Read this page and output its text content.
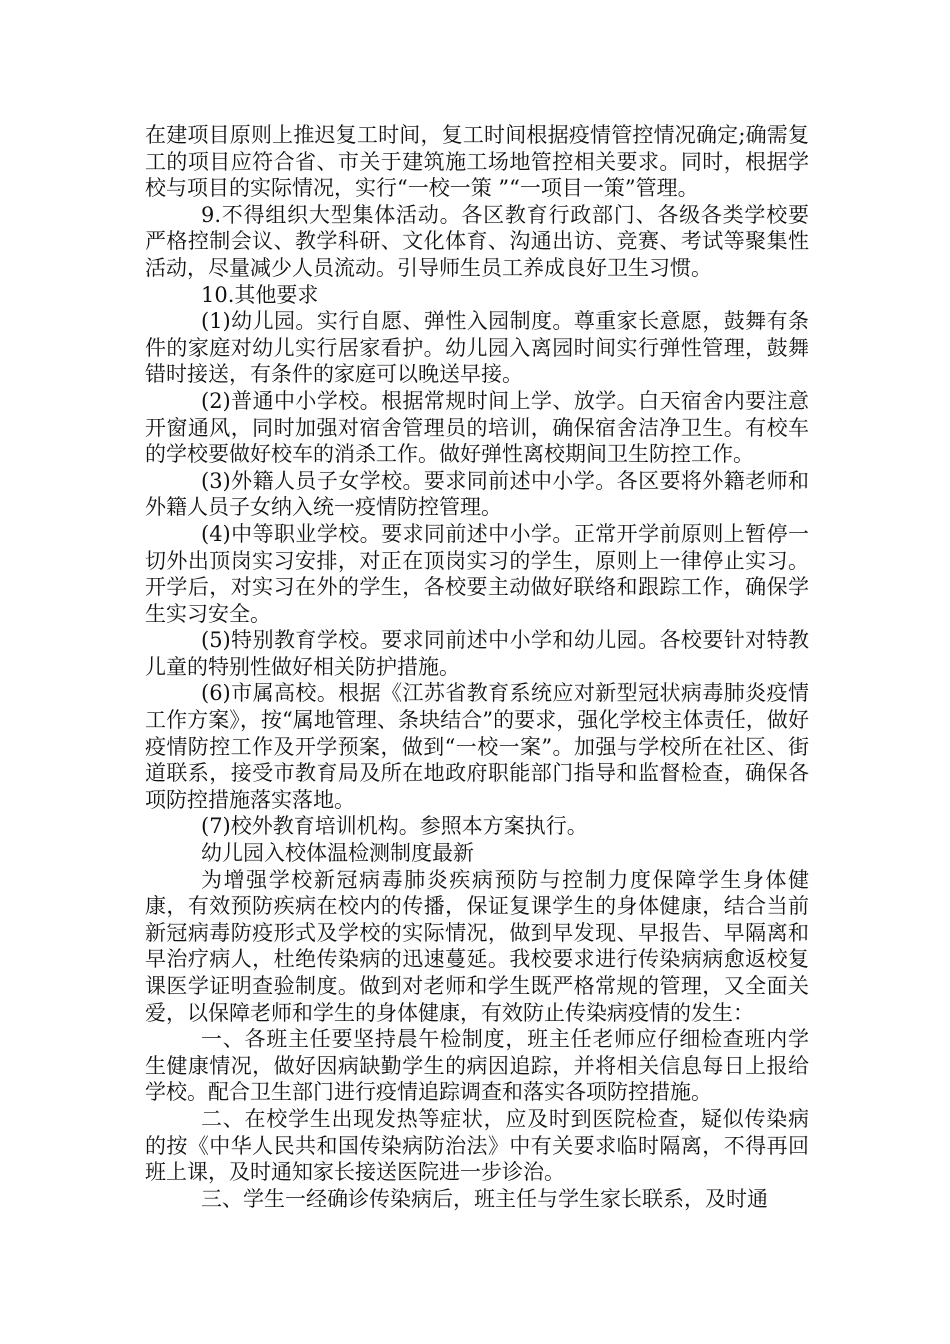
在建项目原则上推迟复工时间，复工时间根据疫情管控情况确定;确需复工的项目应符合省、市关于建筑施工场地管控相关要求。同时，根据学校与项目的实际情况，实行“一校一策 ”“一项目一策”管理。

9.不得组织大型集体活动。各区教育行政部门、各级各类学校要严格控制会议、教学科研、文化体育、沟通出访、竞赛、考试等聚集性活动，尽量减少人员流动。引导师生员工养成良好卫生习惯。

10.其他要求

(1)幼儿园。实行自愿、弹性入园制度。尊重家长意愿，鼓舞有条件的家庭对幼儿实行居家看护。幼儿园入离园时间实行弹性管理，鼓舞错时接送，有条件的家庭可以晚送早接。

(2)普通中小学校。根据常规时间上学、放学。白天宿舍内要注意开窗通风，同时加强对宿舍管理员的培训，确保宿舍洁净卫生。有校车的学校要做好校车的消杀工作。做好弹性离校期间卫生防控工作。

(3)外籍人员子女学校。要求同前述中小学。各区要将外籍老师和外籍人员子女纳入统一疫情防控管理。

(4)中等职业学校。要求同前述中小学。正常开学前原则上暂停一切外出顶岗实习安排，对正在顶岗实习的学生，原则上一律停止实习。开学后，对实习在外的学生，各校要主动做好联络和跟踪工作，确保学生实习安全。

(5)特别教育学校。要求同前述中小学和幼儿园。各校要针对特教儿童的特别性做好相关防护措施。

(6)市属高校。根据《江苏省教育系统应对新型冠状病毒肺炎疫情工作方案》，按“属地管理、条块结合”的要求，强化学校主体责任，做好疫情防控工作及开学预案，做到“一校一案”。加强与学校所在社区、街道联系，接受市教育局及所在地政府职能部门指导和监督检查，确保各项防控措施落实落地。

(7)校外教育培训机构。参照本方案执行。

幼儿园入校体温检测制度最新

为增强学校新冠病毒肺炎疾病预防与控制力度保障学生身体健康，有效预防疾病在校内的传播，保证复课学生的身体健康，结合当前新冠病毒防疫形式及学校的实际情况，做到早发现、早报告、早隔离和早治疗病人，杜绝传染病的迅速蔓延。我校要求进行传染病病愈返校复课医学证明查验制度。做到对老师和学生既严格常规的管理，又全面关爱，以保障老师和学生的身体健康，有效防止传染病疫情的发生：

一、各班主任要坚持晨午检制度，班主任老师应仔细检查班内学生健康情况，做好因病缺勤学生的病因追踪，并将相关信息每日上报给学校。配合卫生部门进行疫情追踪调查和落实各项防控措施。

二、在校学生出现发热等症状，应及时到医院检查，疑似传染病的按《中华人民共和国传染病防治法》中有关要求临时隔离，不得再回班上课，及时通知家长接送医院进一步诊治。

三、学生一经确诊传染病后，班主任与学生家长联系，及时通
